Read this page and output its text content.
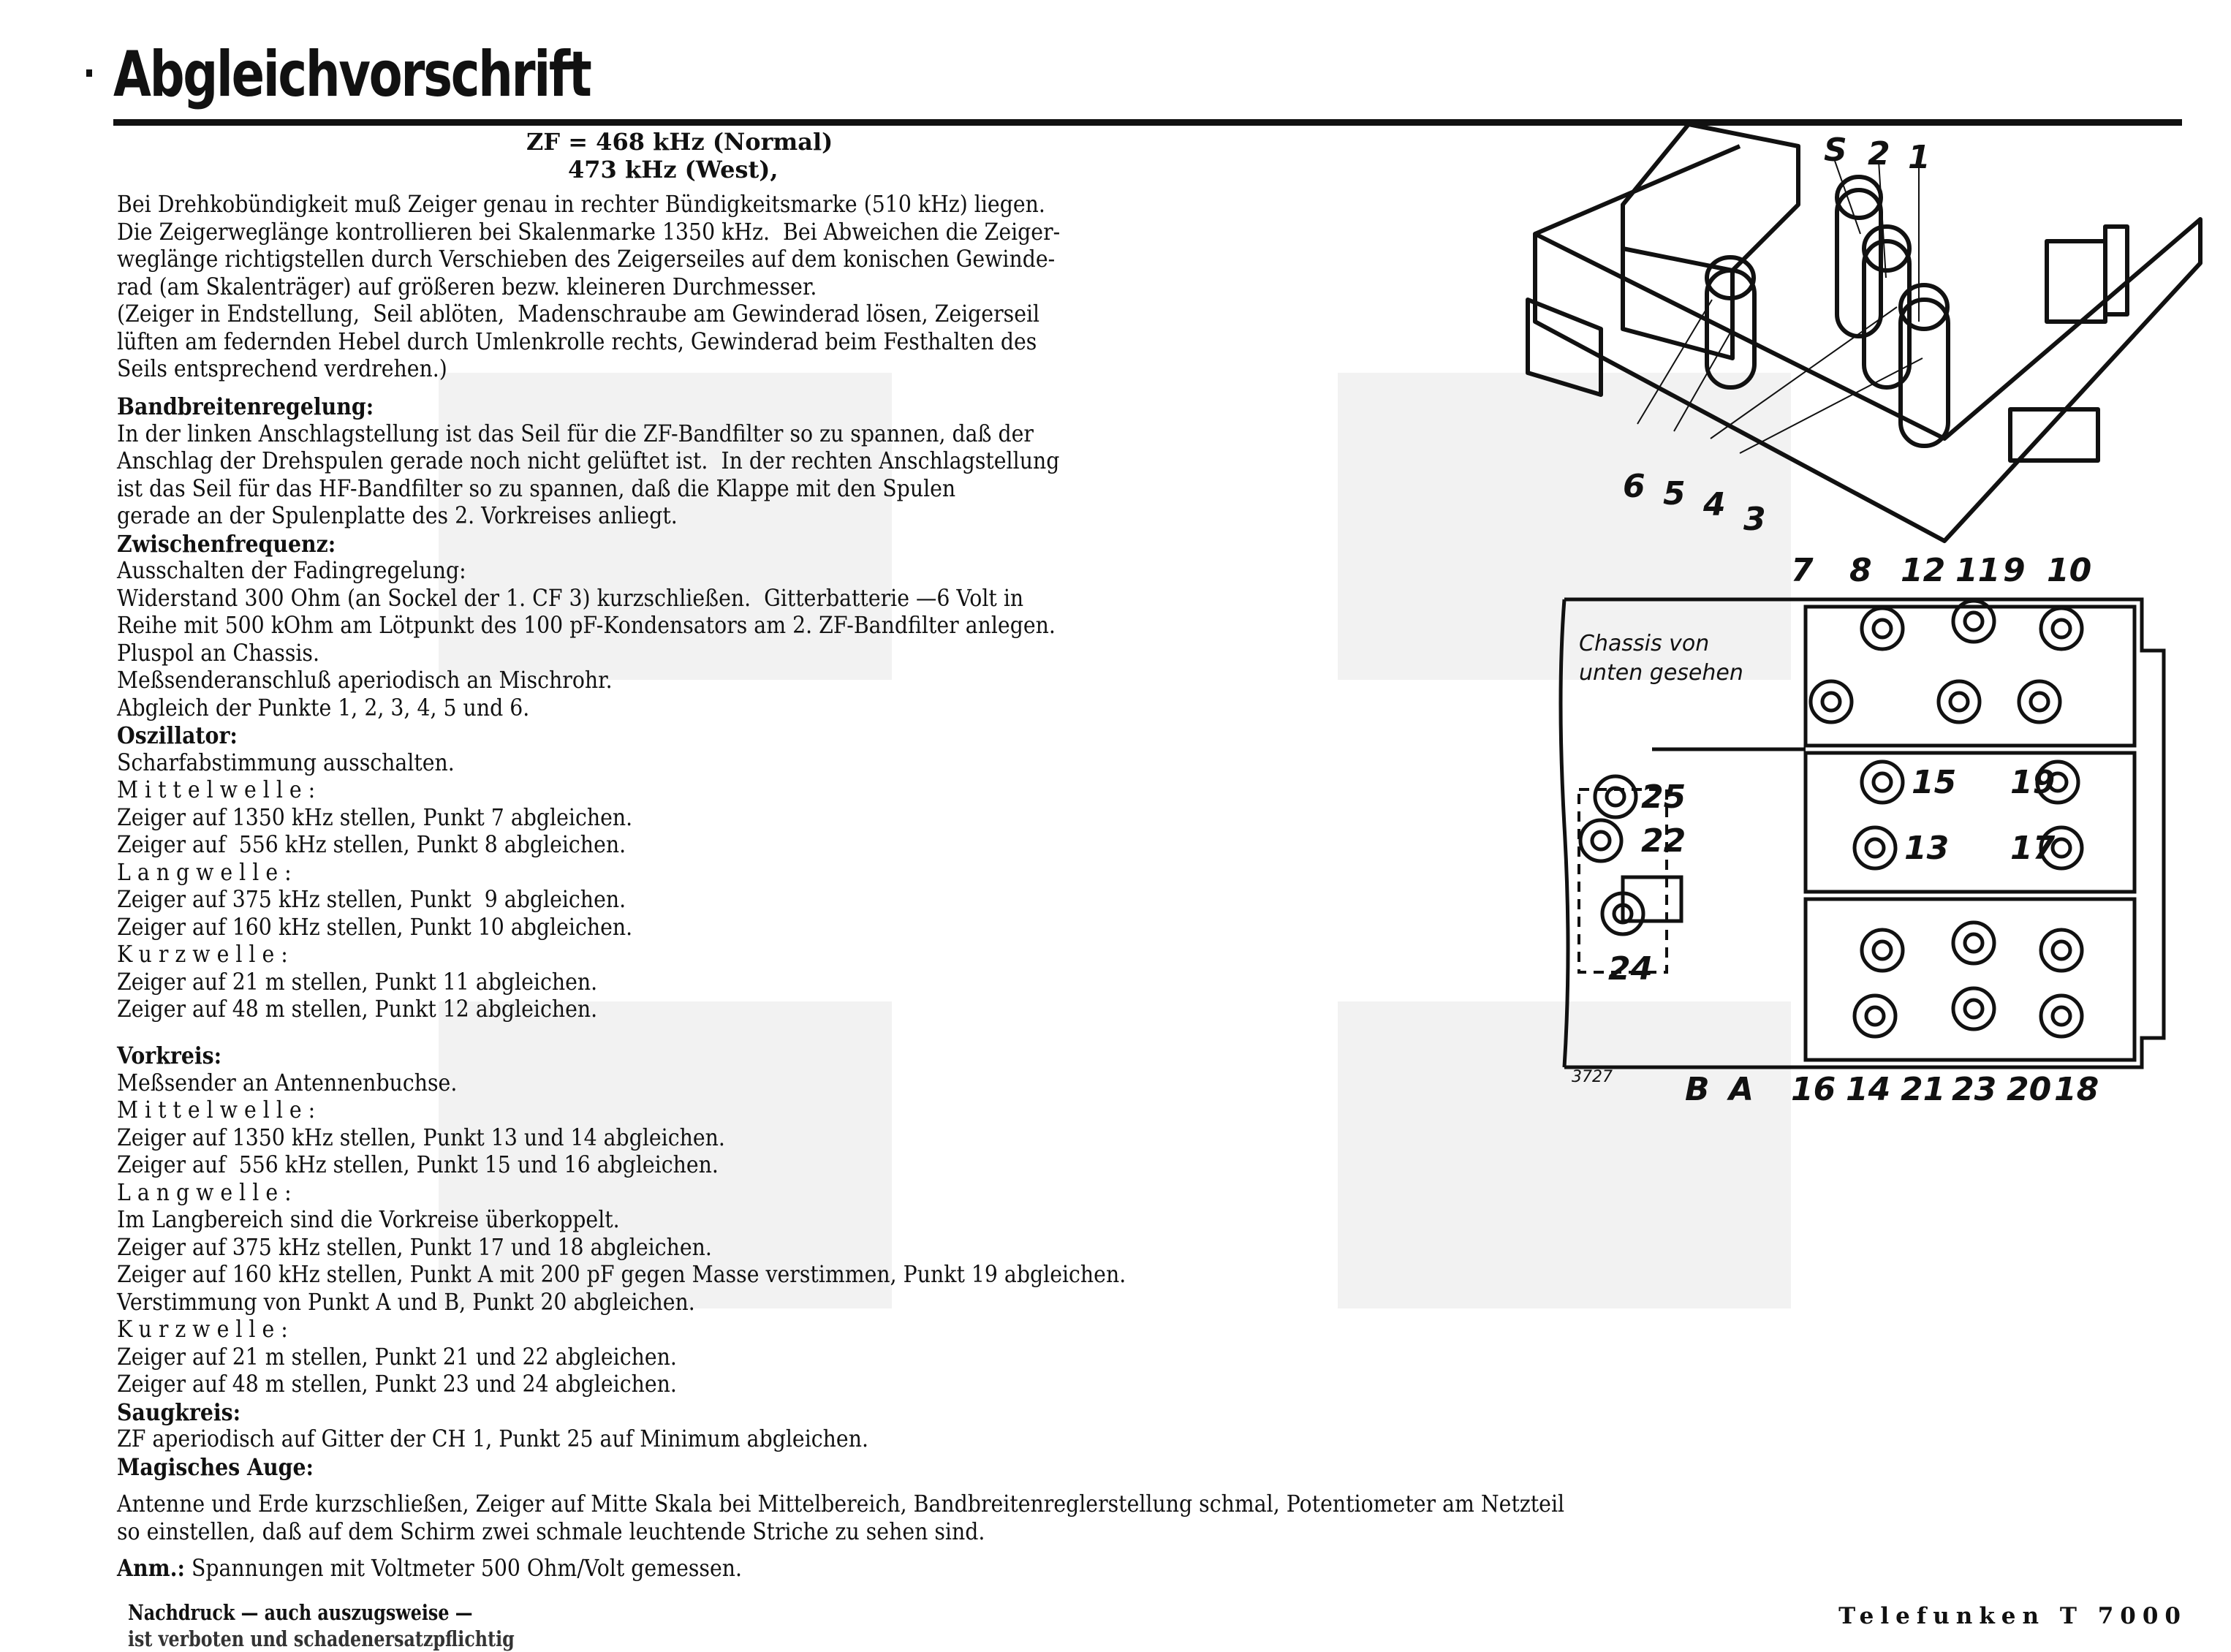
Abgleichvorschrift
ZF = 468 kHz (Normal)
473 kHz (West),
Bei Drehkobündigkeit muß Zeiger genau in rechter Bündigkeitsmarke (510 kHz) liegen.
Die Zeigerweglänge kontrollieren bei Skalenmarke 1350 kHz.  Bei Abweichen die Zeiger-
weglänge richtigstellen durch Verschieben des Zeigerseiles auf dem konischen Gewinde-
rad (am Skalenträger) auf größeren bezw. kleineren Durchmesser.
(Zeiger in Endstellung,  Seil ablöten,  Madenschraube am Gewinderad lösen, Zeigerseil
lüften am federnden Hebel durch Umlenkrolle rechts, Gewinderad beim Festhalten des
Seils entsprechend verdrehen.)
Bandbreitenregelung:
In der linken Anschlagstellung ist das Seil für die ZF-Bandfilter so zu spannen, daß der
Anschlag der Drehspulen gerade noch nicht gelüftet ist.  In der rechten Anschlagstellung
ist das Seil für das HF-Bandfilter so zu spannen, daß die Klappe mit den Spulen
gerade an der Spulenplatte des 2. Vorkreises anliegt.
Zwischenfrequenz:
Ausschalten der Fadingregelung:
Widerstand 300 Ohm (an Sockel der 1. CF 3) kurzschließen.  Gitterbatterie —6 Volt in
Reihe mit 500 kOhm am Lötpunkt des 100 pF-Kondensators am 2. ZF-Bandfilter anlegen.
Pluspol an Chassis.
Meßsenderanschluß aperiodisch an Mischrohr.
Abgleich der Punkte 1, 2, 3, 4, 5 und 6.
Oszillator:
Scharfabstimmung ausschalten.
Mittelwelle:
Zeiger auf 1350 kHz stellen, Punkt 7 abgleichen.
Zeiger auf  556 kHz stellen, Punkt 8 abgleichen.
Langwelle:
Zeiger auf 375 kHz stellen, Punkt  9 abgleichen.
Zeiger auf 160 kHz stellen, Punkt 10 abgleichen.
Kurzwelle:
Zeiger auf 21 m stellen, Punkt 11 abgleichen.
Zeiger auf 48 m stellen, Punkt 12 abgleichen.
Vorkreis:
Meßsender an Antennenbuchse.
Mittelwelle:
Zeiger auf 1350 kHz stellen, Punkt 13 und 14 abgleichen.
Zeiger auf  556 kHz stellen, Punkt 15 und 16 abgleichen.
Langwelle:
Im Langbereich sind die Vorkreise überkoppelt.
Zeiger auf 375 kHz stellen, Punkt 17 und 18 abgleichen.
Zeiger auf 160 kHz stellen, Punkt A mit 200 pF gegen Masse verstimmen, Punkt 19 abgleichen.
Verstimmung von Punkt A und B, Punkt 20 abgleichen.
Kurzwelle:
Zeiger auf 21 m stellen, Punkt 21 und 22 abgleichen.
Zeiger auf 48 m stellen, Punkt 23 und 24 abgleichen.
Saugkreis:
ZF aperiodisch auf Gitter der CH 1, Punkt 25 auf Minimum abgleichen.
Magisches Auge:
Antenne und Erde kurzschließen, Zeiger auf Mitte Skala bei Mittelbereich, Bandbreitenreglerstellung schmal, Potentiometer am Netzteil
so einstellen, daß auf dem Schirm zwei schmale leuchtende Striche zu sehen sind.
Anm.: Spannungen mit Voltmeter 500 Ohm/Volt gemessen.
Nachdruck — auch auszugsweise —
ist verboten und schadenersatzpflichtig
Telefunken T 7000
S 2 1
6 5 4 3
Chassis von
unten gesehen
3727
7 8 12 11 9 10
B A 16 14 21 23 20 18
15 19
13 17
25
22
24
